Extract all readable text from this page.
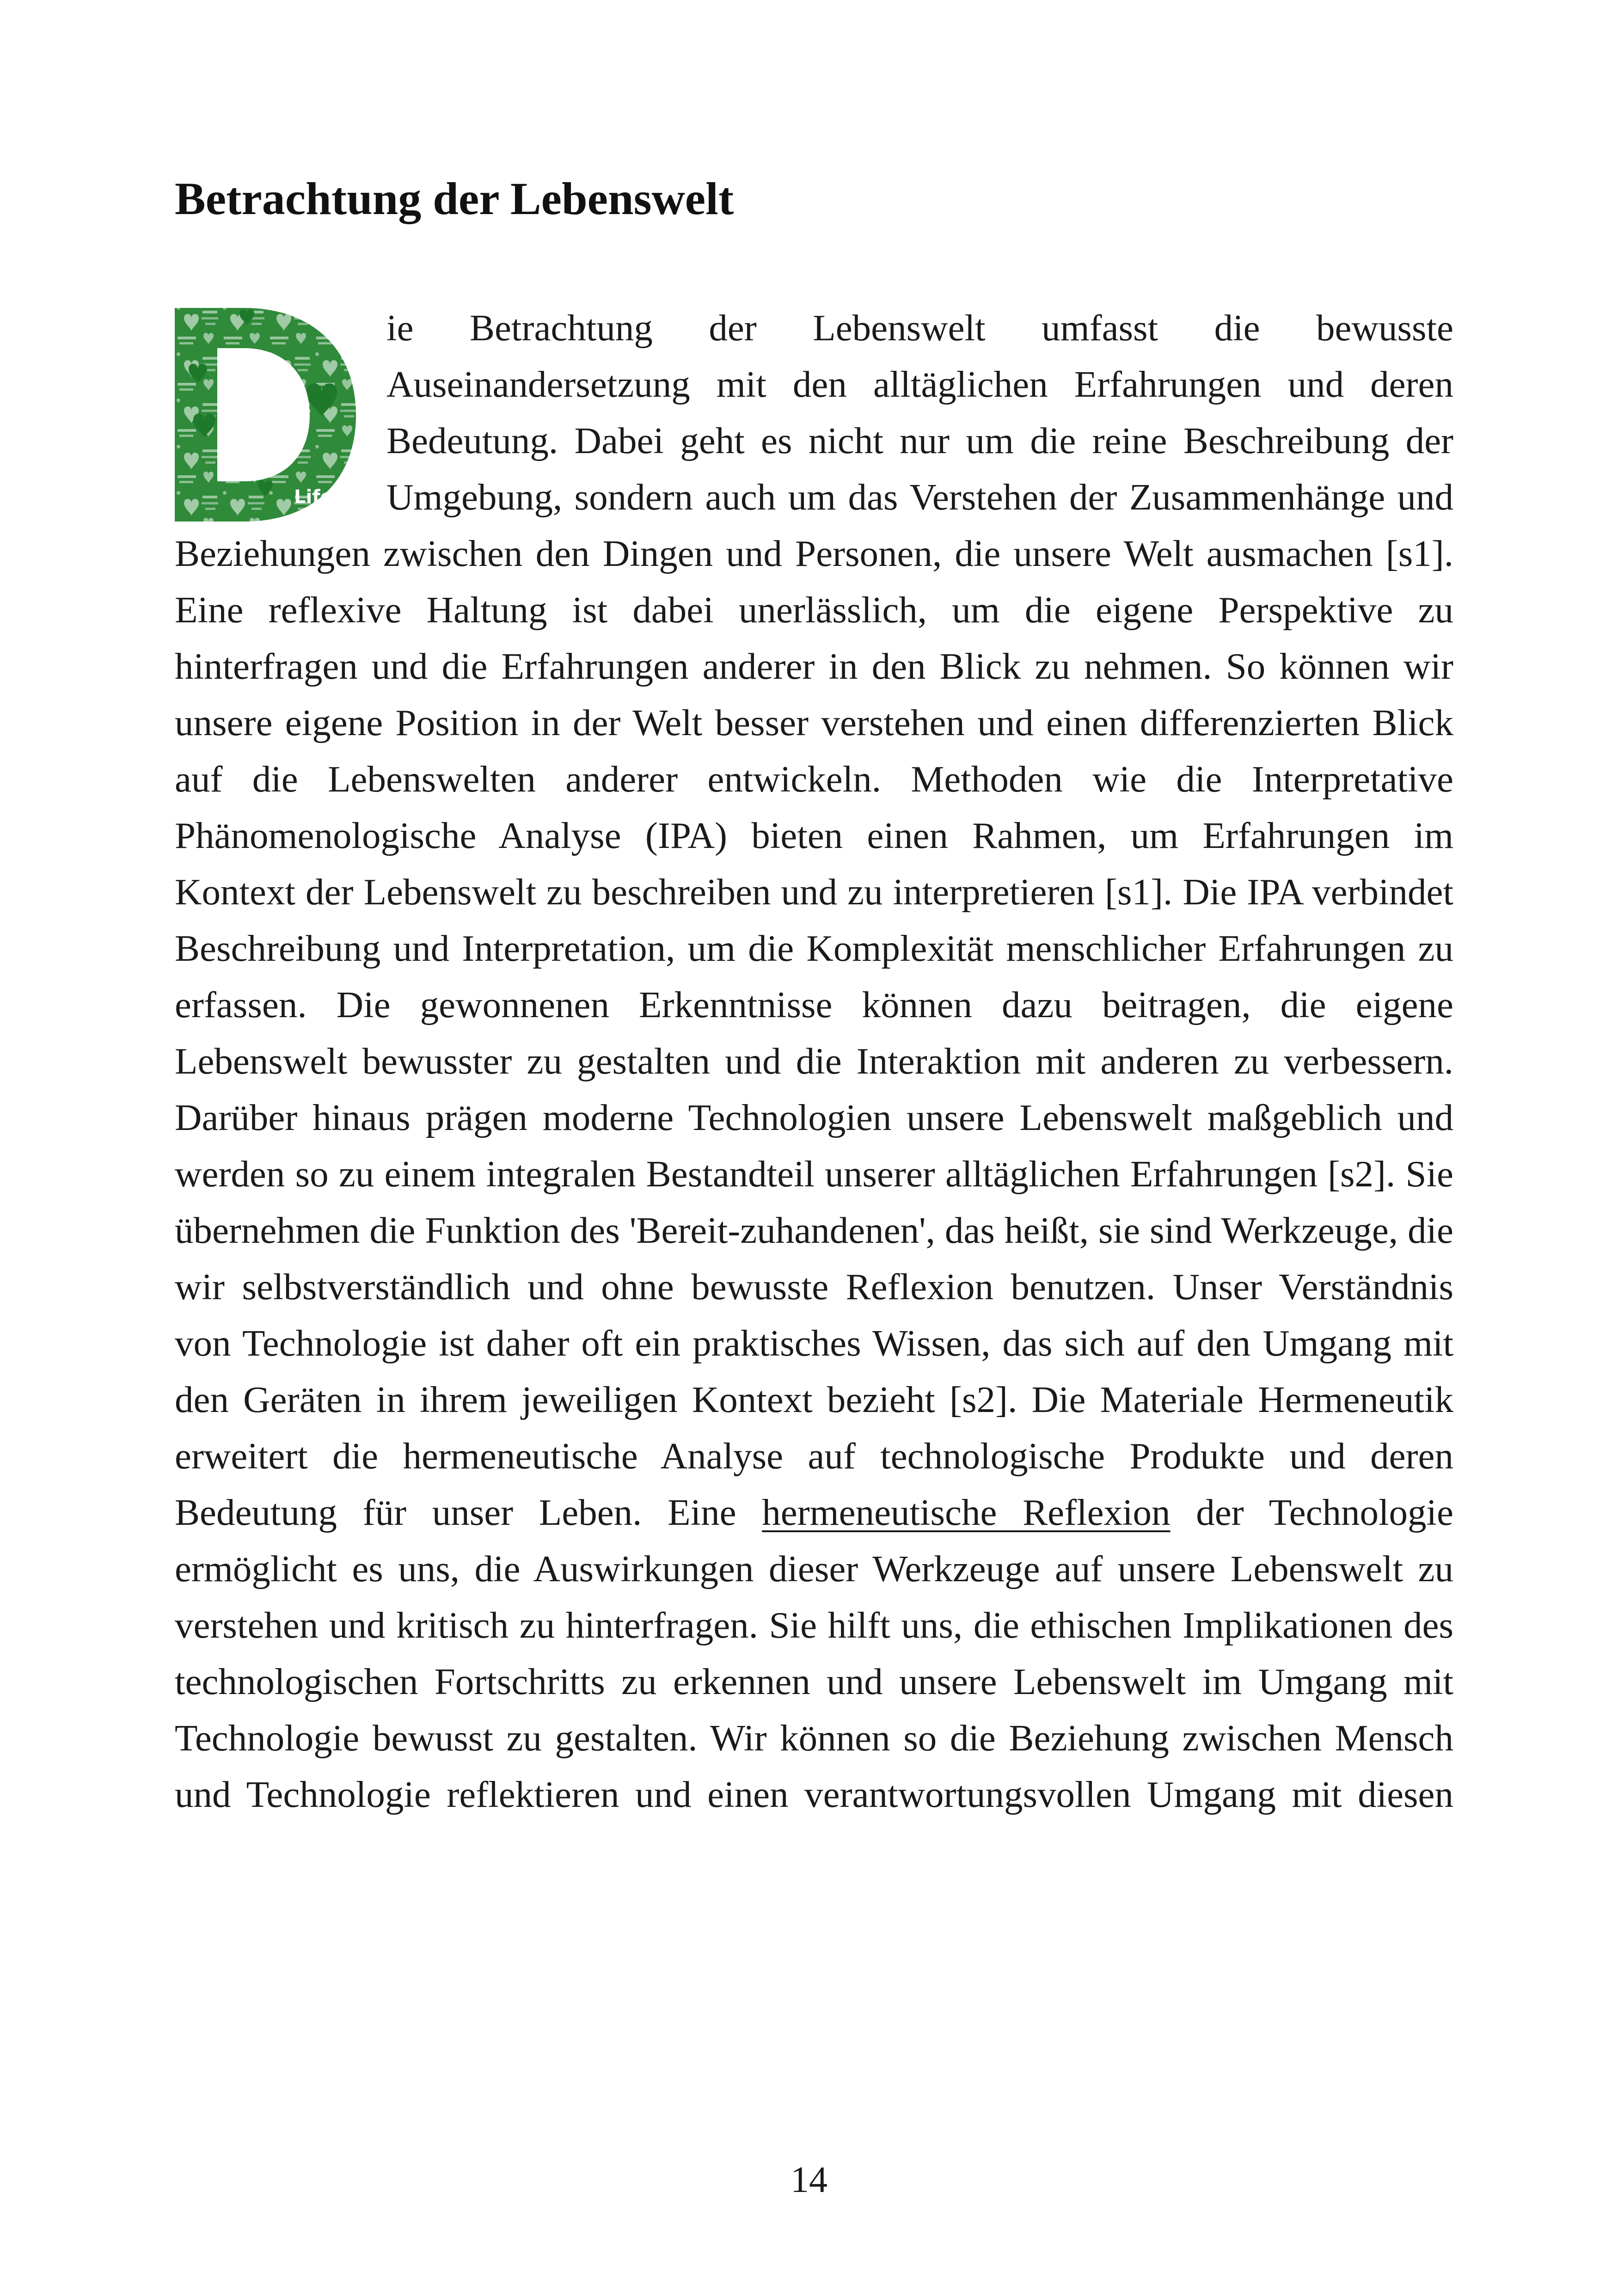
Betrachtung der Lebenswelt

Life
ie Betrachtung der Lebenswelt umfasst die bewusste Auseinandersetzung mit den alltäglichen Erfahrungen und deren Bedeutung. Dabei geht es nicht nur um die reine Beschreibung der Umgebung, sondern auch um das Verstehen der Zusammenhänge und Beziehungen zwischen den Dingen und Personen, die unsere Welt ausmachen [s1]. Eine reflexive Haltung ist dabei unerlässlich, um die eigene Perspektive zu hinterfragen und die Erfahrungen anderer in den Blick zu nehmen. So können wir unsere eigene Position in der Welt besser verstehen und einen differenzierten Blick auf die Lebenswelten anderer entwickeln. Methoden wie die Interpretative Phänomenologische Analyse (IPA) bieten einen Rahmen, um Erfahrungen im Kontext der Lebenswelt zu beschreiben und zu interpretieren [s1]. Die IPA verbindet Beschreibung und Interpretation, um die Komplexität menschlicher Erfahrungen zu erfassen. Die gewonnenen Erkenntnisse können dazu beitragen, die eigene Lebenswelt bewusster zu gestalten und die Interaktion mit anderen zu verbessern. Darüber hinaus prägen moderne Technologien unsere Lebenswelt maßgeblich und werden so zu einem integralen Bestandteil unserer alltäglichen Erfahrungen [s2]. Sie übernehmen die Funktion des 'Bereit-zuhandenen', das heißt, sie sind Werkzeuge, die wir selbstverständlich und ohne bewusste Reflexion benutzen. Unser Verständnis von Technologie ist daher oft ein praktisches Wissen, das sich auf den Umgang mit den Geräten in ihrem jeweiligen Kontext bezieht [s2]. Die Materiale Hermeneutik erweitert die hermeneutische Analyse auf technologische Produkte und deren Bedeutung für unser Leben. Eine hermeneutische Reflexion der Technologie ermöglicht es uns, die Auswirkungen dieser Werkzeuge auf unsere Lebenswelt zu verstehen und kritisch zu hinterfragen. Sie hilft uns, die ethischen Implikationen des technologischen Fortschritts zu erkennen und unsere Lebenswelt im Umgang mit Technologie bewusst zu gestalten. Wir können so die Beziehung zwischen Mensch und Technologie reflektieren und einen verantwortungsvollen Umgang mit diesen

14
